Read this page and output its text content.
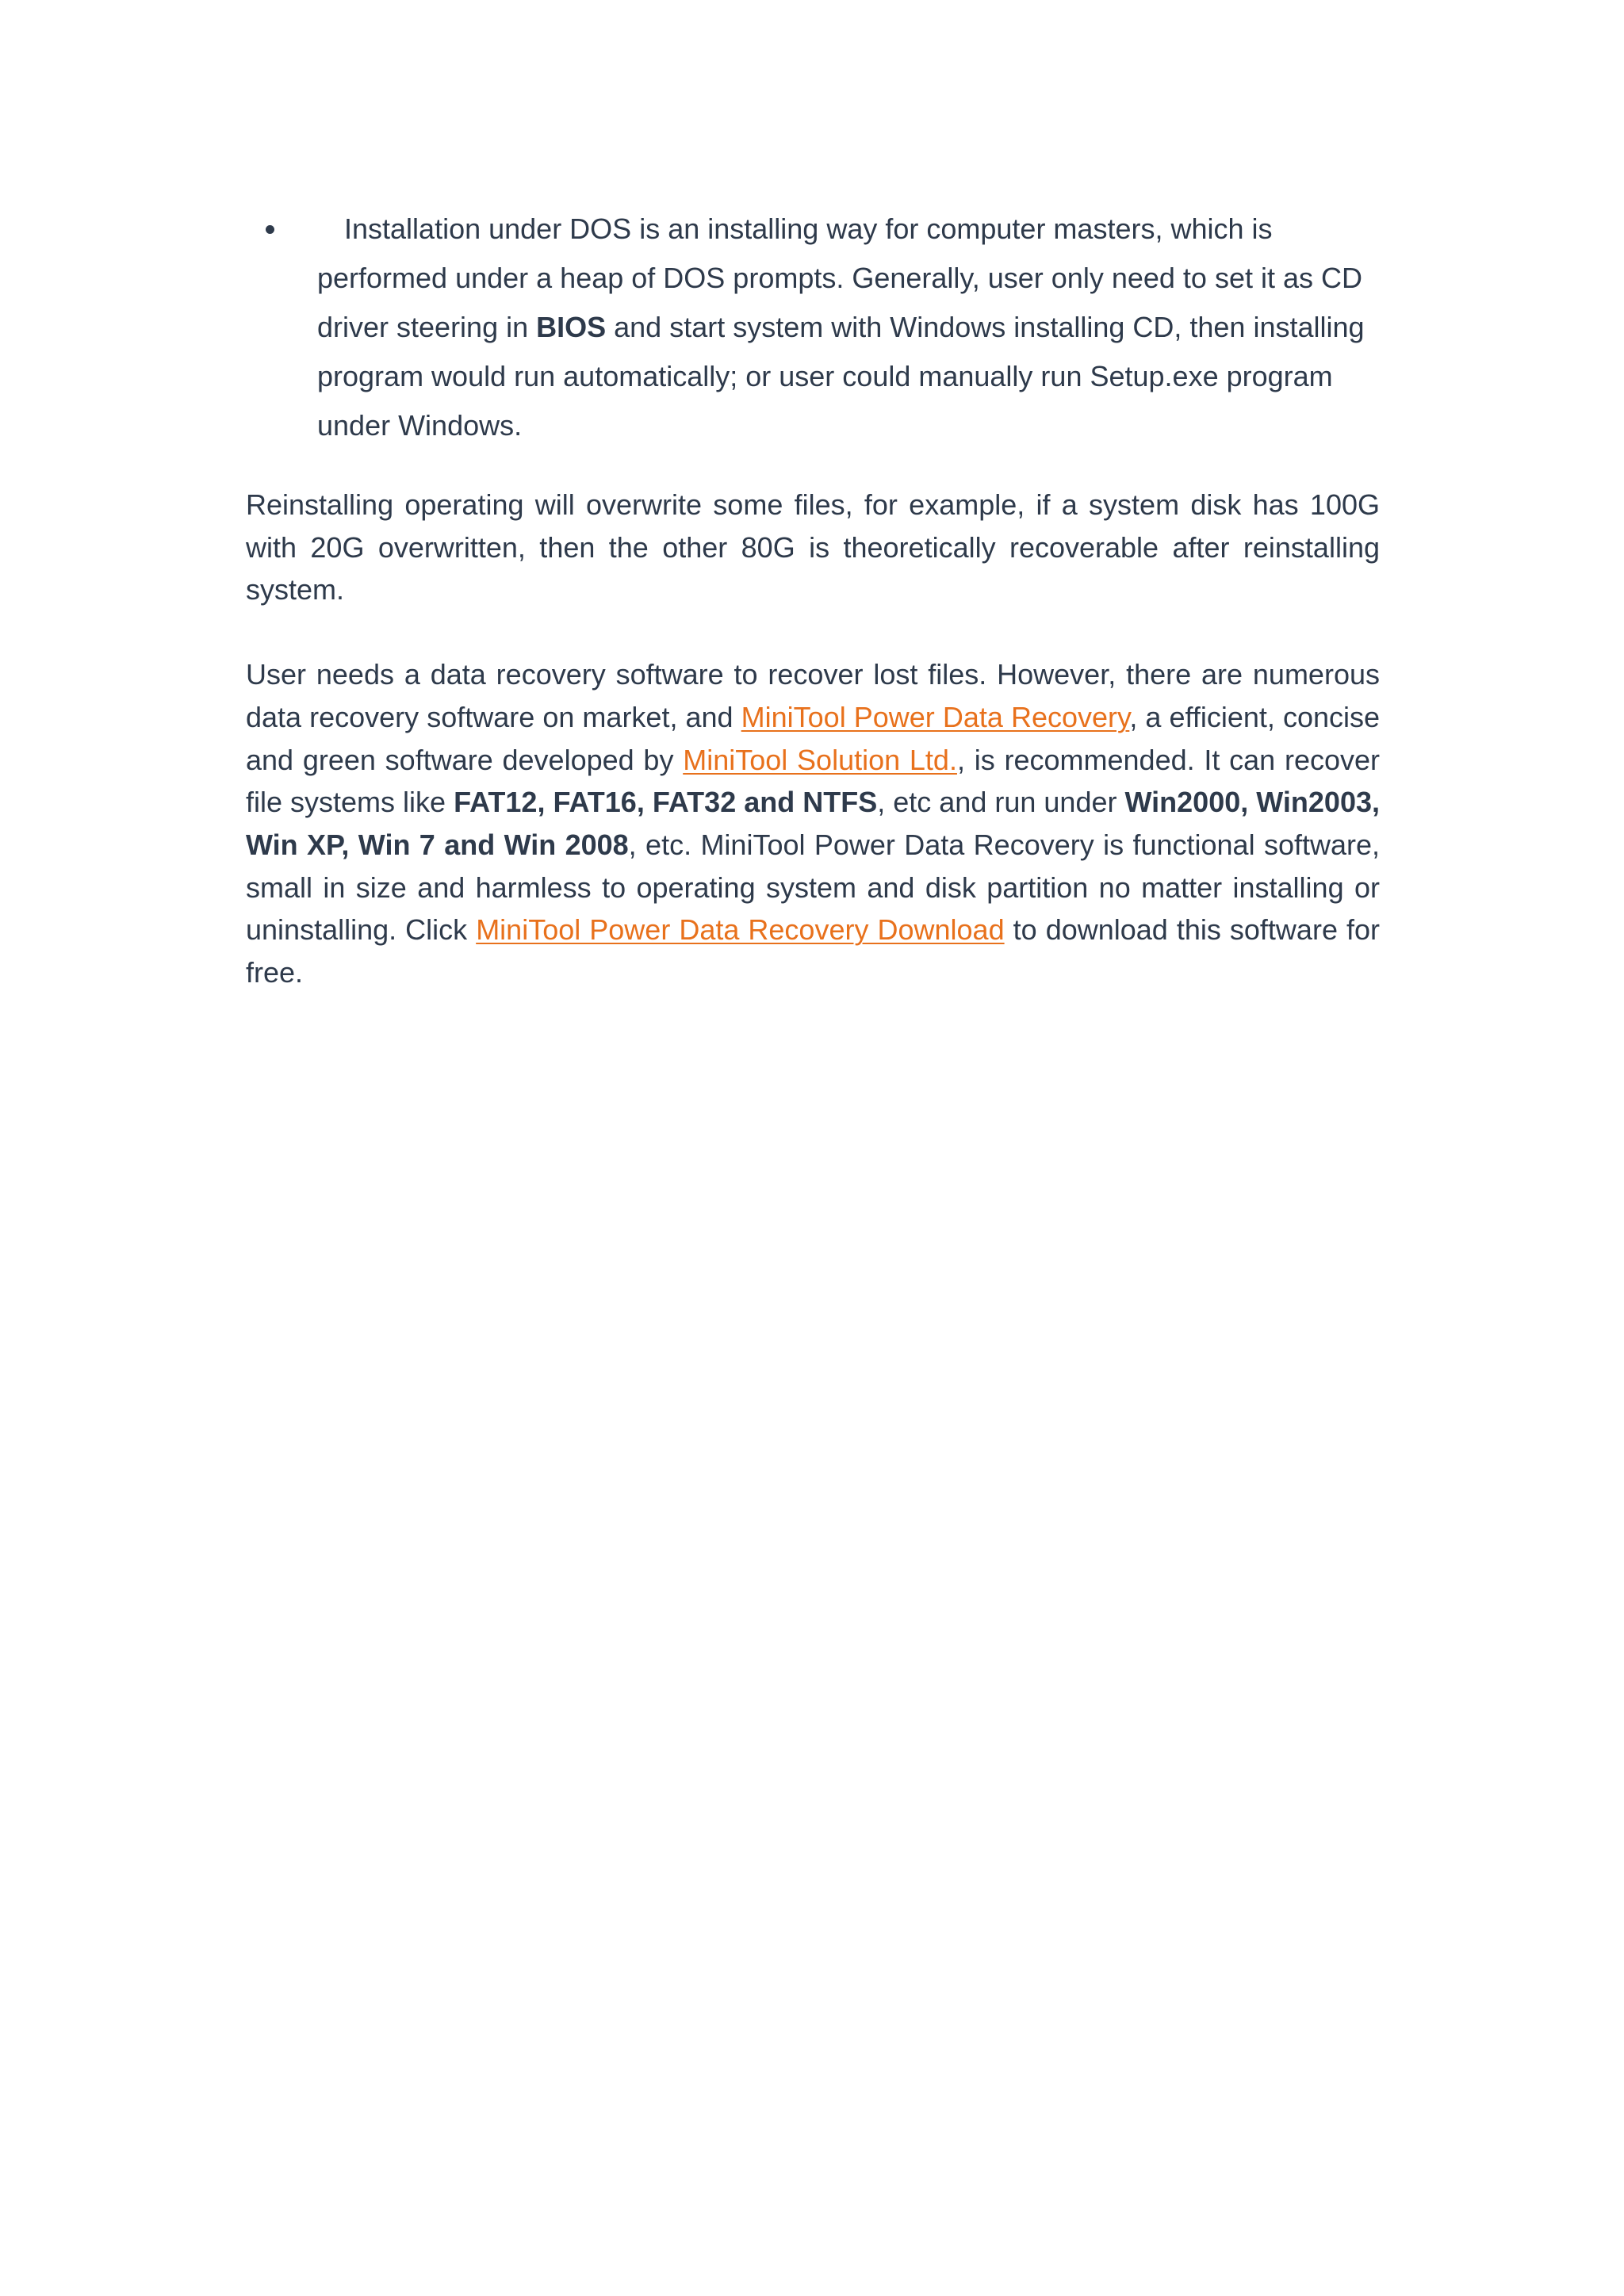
Installation under DOS is an installing way for computer masters, which is performed under a heap of DOS prompts. Generally, user only need to set it as CD driver steering in BIOS and start system with Windows installing CD, then installing program would run automatically; or user could manually run Setup.exe program under Windows.

Reinstalling operating will overwrite some files, for example, if a system disk has 100G with 20G overwritten, then the other 80G is theoretically recoverable after reinstalling system.

User needs a data recovery software to recover lost files. However, there are numerous data recovery software on market, and MiniTool Power Data Recovery, a efficient, concise and green software developed by MiniTool Solution Ltd., is recommended. It can recover file systems like FAT12, FAT16, FAT32 and NTFS, etc and run under Win2000, Win2003, Win XP, Win 7 and Win 2008, etc. MiniTool Power Data Recovery is functional software, small in size and harmless to operating system and disk partition no matter installing or uninstalling. Click MiniTool Power Data Recovery Download to download this software for free.
